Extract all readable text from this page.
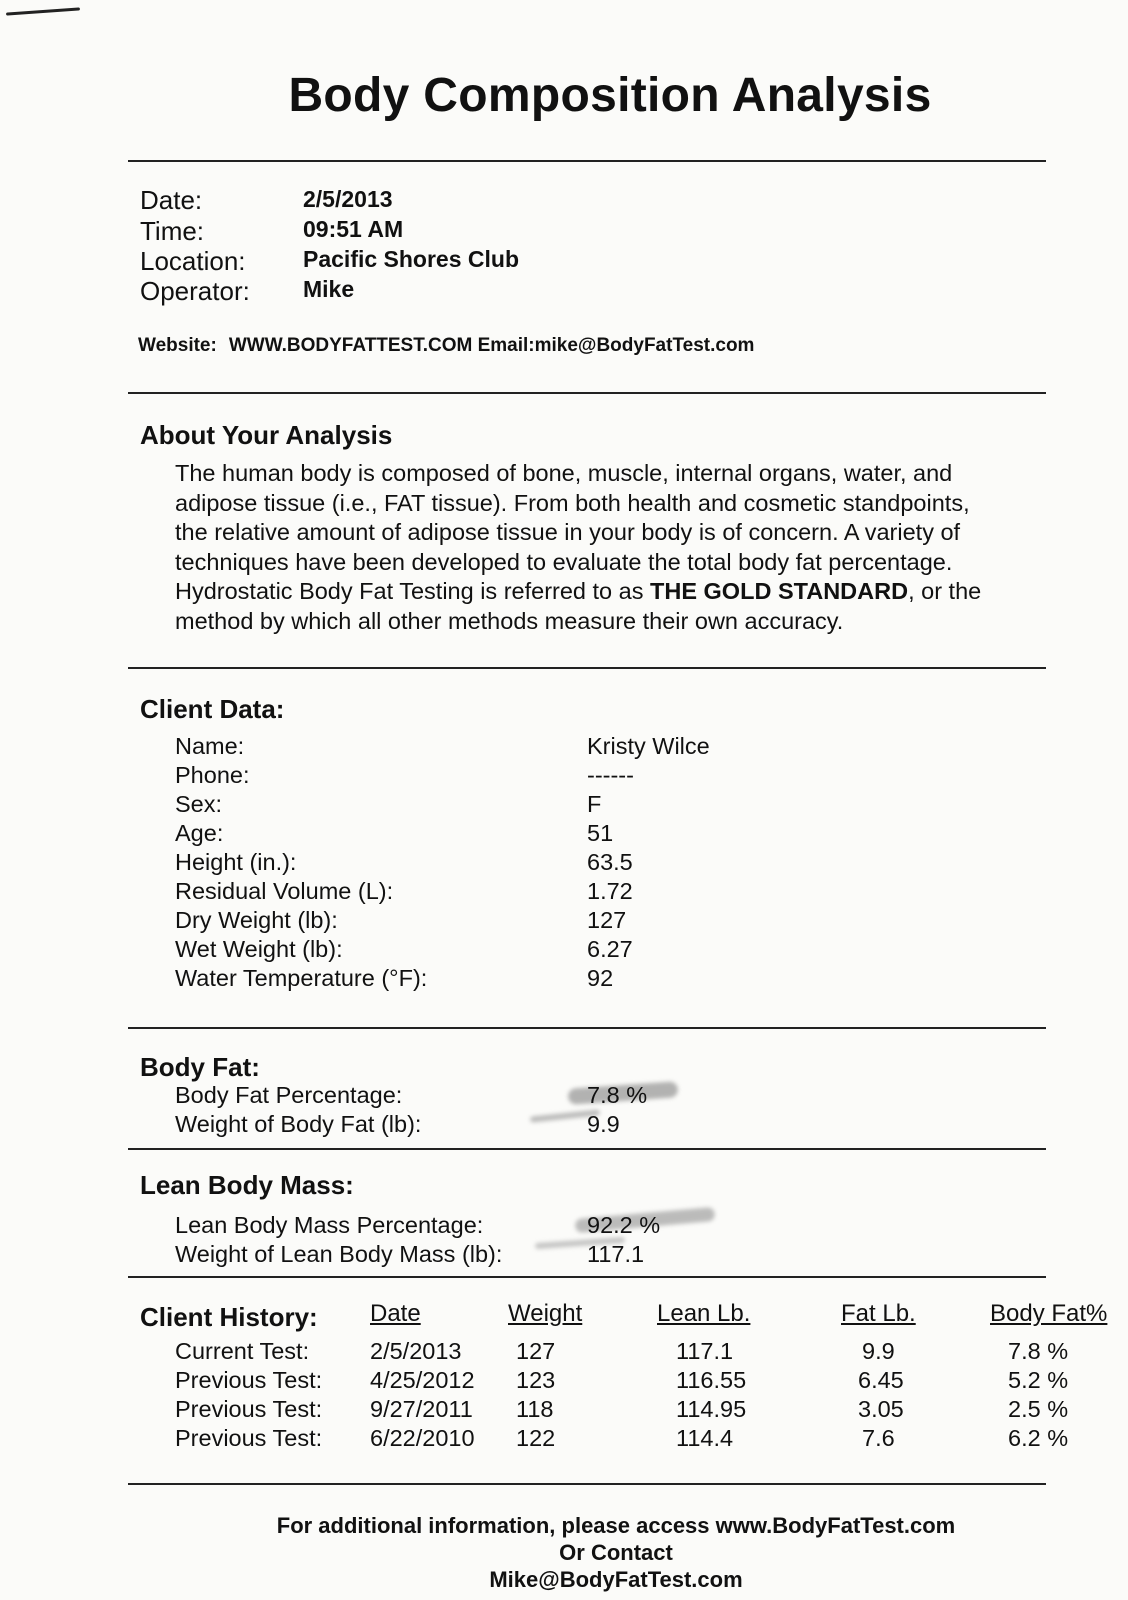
Body Composition Analysis
Date:	2/5/2013
Time:	09:51 AM
Location: Pacific Shores Club
Operator: Mike
Website: WWW.BODYFATTEST.COM Email:mike@BodyFatTest.com
About Your Analysis

The human body is composed of bone, muscle, internal organs, water, and

adipose tissue (i.e., FAT tissue). From both health and cosmetic standpoints,

the relative amount of adipose tissue in your body is of concern. A variety of

techniques have been developed to evaluate the total body fat percentage.

Hydrostatic Body Fat Testing is referred to as THE GOLD STANDARD, or the

method by which all other methods measure their own accuracy.

Client Data:
Name:	Kristy Wilce
Phone:	------
Sex:	F
Age:	51
Height (in.):	63.5
Residual Volume (L):	1.72
Dry Weight (lb):	127
Wet Weight (lb):	6.27
Water Temperature (°F):	92
Body Fat:
Body Fat Percentage:	7.8 %
Weight of Body Fat (lb):	9.9
Lean Body Mass:
Lean Body Mass Percentage:	92.2 %
Weight of Lean Body Mass (lb):	117.1
Client History: Date	Weight	Lean Lb.	Fat Lb.	Body Fat%
Current Test:	2/5/2013 127	117.1	9.9	7.8 %
Previous Test: 4/25/2012 123	116.55	6.45	5.2 %
Previous Test: 9/27/2011 118	114.95	3.05	2.5 %
Previous Test: 6/22/2010 122	114.4	7.6	6.2 %
For additional information, please access www.BodyFatTest.com
Or Contact
Mike@BodyFatTest.com
